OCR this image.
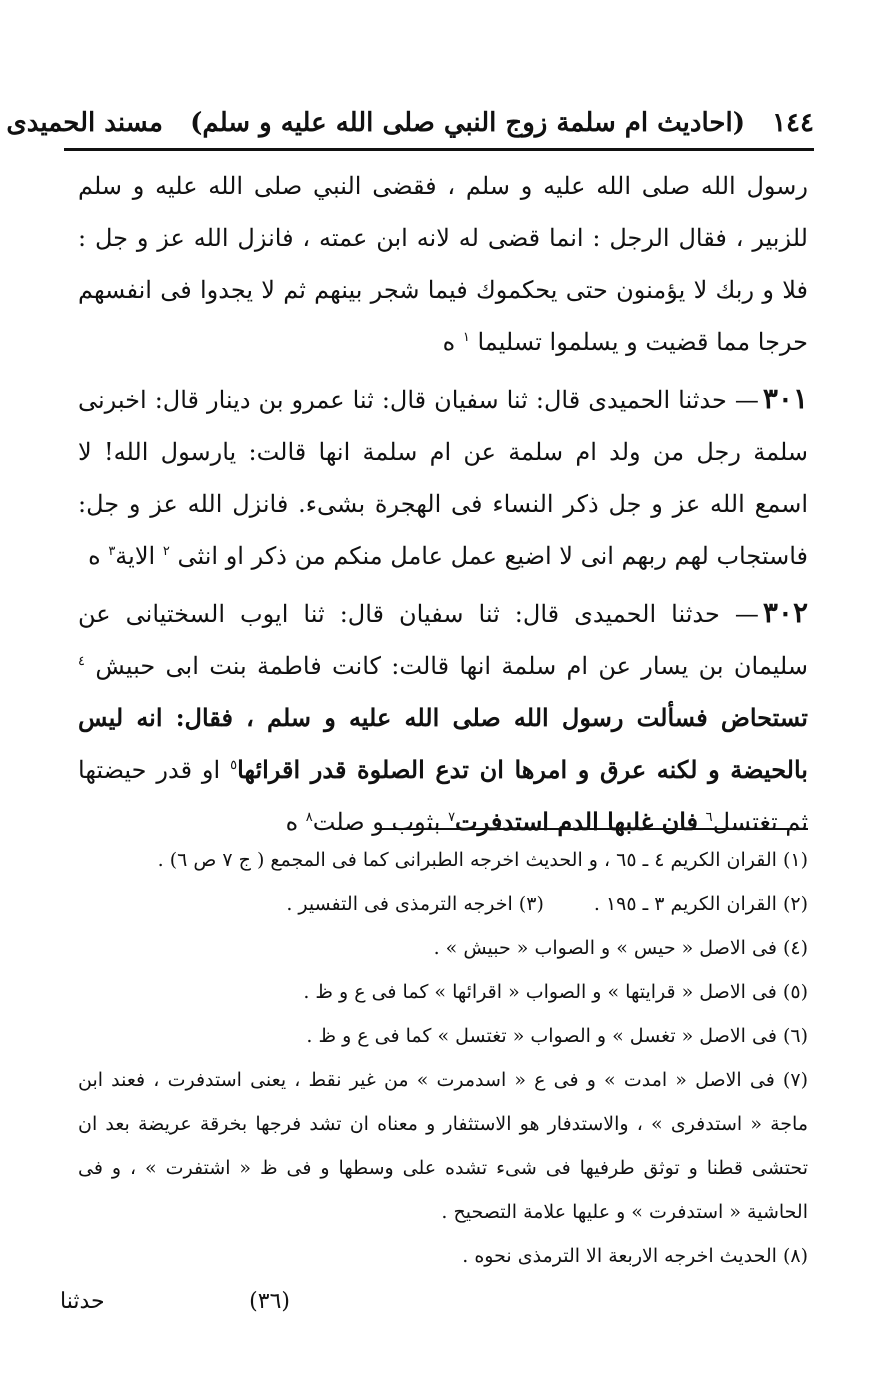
١٤٤ (احاديث ام سلمة زوج النبي صلى الله عليه و سلم)   مسند الحميدى

رسول الله صلى الله عليه و سلم ، فقضى النبي صلى الله عليه و سلم للزبير ، فقال الرجل : انما قضى له لانه ابن عمته ، فانزل الله عز و جل : فلا و ربك لا يؤمنون حتى يحكموك فيما شجر بينهم ثم لا يجدوا فى انفسهم حرجا مما قضيت و يسلموا تسليما $^١$ ه

٣٠١— حدثنا الحميدى قال: ثنا سفيان قال: ثنا عمرو بن دينار قال: اخبرنى سلمة رجل من ولد ام سلمة عن ام سلمة انها قالت: يارسول الله! لا اسمع الله عز و جل ذكر النساء فى الهجرة بشىء. فانزل الله عز و جل: فاستجاب لهم ربهم انى لا اضيع عمل عامل منكم من ذكر او انثى $^٢$ الاية$^٣$ ه

٣٠٢— حدثنا الحميدى قال: ثنا سفيان قال: ثنا ايوب السختيانى عن سليمان بن يسار عن ام سلمة انها قالت: كانت فاطمة بنت ابى حبيش $^٤$ تستحاض فسألت رسول الله صلى الله عليه و سلم ، فقال: انه ليس بالحيضة و لكنه عرق و امرها ان تدع الصلوة قدر اقرائها$^٥$ او قدر حيضتها ثم تغتسل$^٦$ فان غلبها الدم استدفرت$^٧$ بثوب و صلت$^٨$ ه

(١) القران الكريم ٤ ـ ٦٥ ، و الحديث اخرجه الطبرانى كما فى المجمع ( ج ٧ ص ٦) .
(٢) القران الكريم ٣ ـ ١٩٥ .(٣) اخرجه الترمذى فى التفسير .
(٤) فى الاصل « حيس » و الصواب « حبيش » .
(٥) فى الاصل « قرايتها » و الصواب « اقرائها » كما فى ع و ظ .
(٦) فى الاصل « تغسل » و الصواب « تغتسل » كما فى ع و ظ .
(٧) فى الاصل « امدت » و فى ع « اسدمرت » من غير نقط ، يعنى استدفرت ، فعند ابن ماجة « استدفرى » ، والاستدفار هو الاستثفار و معناه ان تشد فرجها بخرقة عريضة بعد ان تحتشى قطنا و توثق طرفيها فى شىء تشده على وسطها و فى ظ « اشتفرت » ، و فى الحاشية « استدفرت » و عليها علامة التصحيح .
(٨) الحديث اخرجه الاربعة الا الترمذى نحوه .
حدثنا	(٣٦)
